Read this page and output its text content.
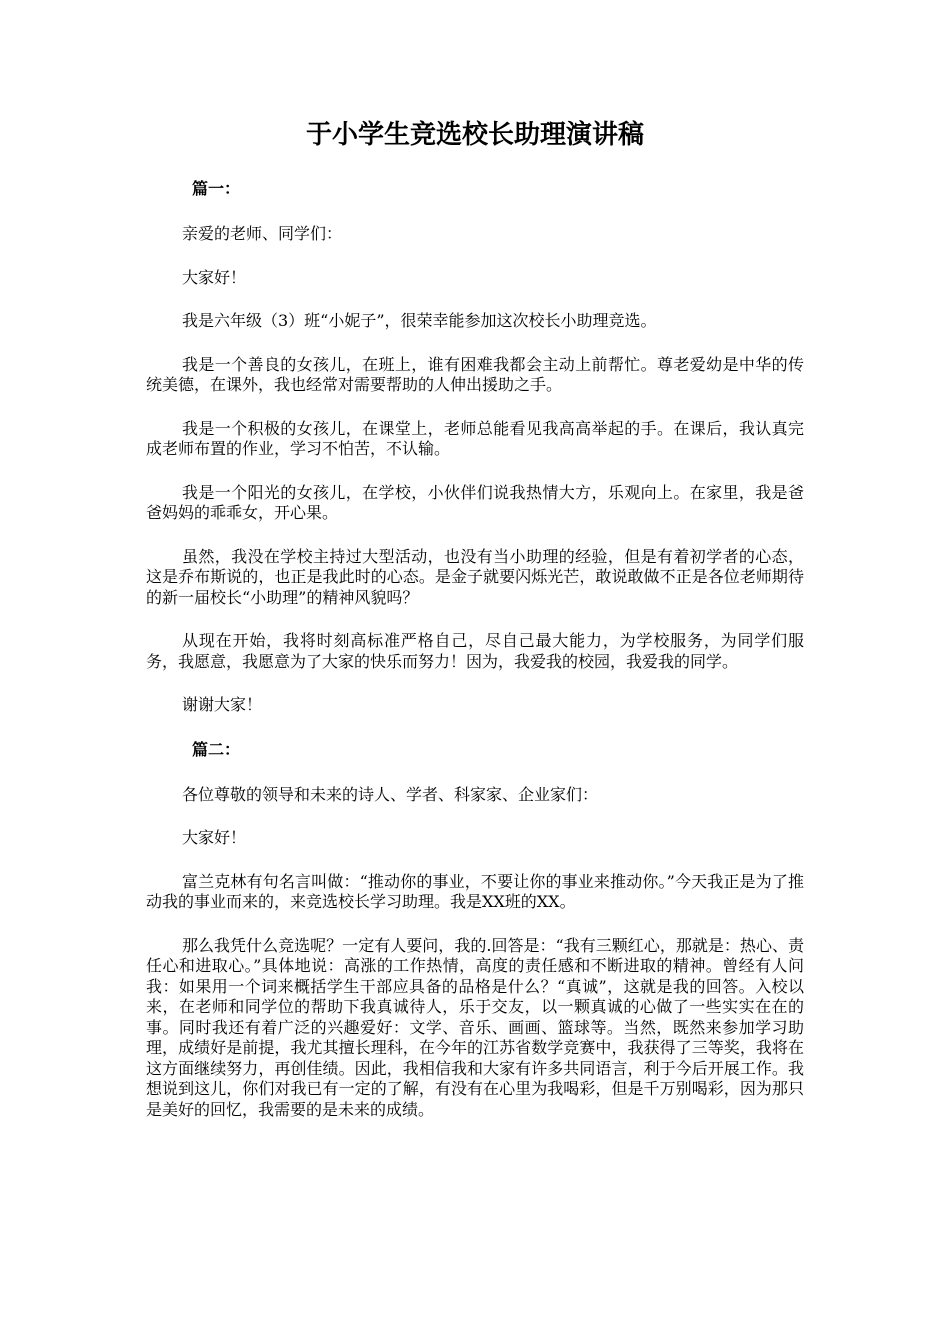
于小学生竞选校长助理演讲稿
篇一：

亲爱的老师、同学们：

大家好！

我是六年级（3）班“小妮子”，很荣幸能参加这次校长小助理竞选。

我是一个善良的女孩儿，在班上，谁有困难我都会主动上前帮忙。尊老爱幼是中华的传统美德，在课外，我也经常对需要帮助的人伸出援助之手。

我是一个积极的女孩儿，在课堂上，老师总能看见我高高举起的手。在课后，我认真完成老师布置的作业，学习不怕苦，不认输。

我是一个阳光的女孩儿，在学校，小伙伴们说我热情大方，乐观向上。在家里，我是爸爸妈妈的乖乖女，开心果。

虽然，我没在学校主持过大型活动，也没有当小助理的经验，但是有着初学者的心态，这是乔布斯说的，也正是我此时的心态。是金子就要闪烁光芒，敢说敢做不正是各位老师期待的新一届校长“小助理”的精神风貌吗？

从现在开始，我将时刻高标准严格自己，尽自己最大能力，为学校服务，为同学们服务，我愿意，我愿意为了大家的快乐而努力！因为，我爱我的校园，我爱我的同学。

谢谢大家！

篇二：

各位尊敬的领导和未来的诗人、学者、科家家、企业家们：

大家好！

富兰克林有句名言叫做：“推动你的事业，不要让你的事业来推动你。”今天我正是为了推动我的事业而来的，来竞选校长学习助理。我是XX班的XX。

那么我凭什么竞选呢？一定有人要问，我的.回答是：“我有三颗红心，那就是：热心、责任心和进取心。”具体地说：高涨的工作热情，高度的责任感和不断进取的精神。曾经有人问我：如果用一个词来概括学生干部应具备的品格是什么？“真诚”，这就是我的回答。入校以来，在老师和同学位的帮助下我真诚待人，乐于交友，以一颗真诚的心做了一些实实在在的事。同时我还有着广泛的兴趣爱好：文学、音乐、画画、篮球等。当然，既然来参加学习助理，成绩好是前提，我尤其擅长理科，在今年的江苏省数学竞赛中，我获得了三等奖，我将在这方面继续努力，再创佳绩。因此，我相信我和大家有许多共同语言，利于今后开展工作。我想说到这儿，你们对我已有一定的了解，有没有在心里为我喝彩，但是千万别喝彩，因为那只是美好的回忆，我需要的是未来的成绩。
